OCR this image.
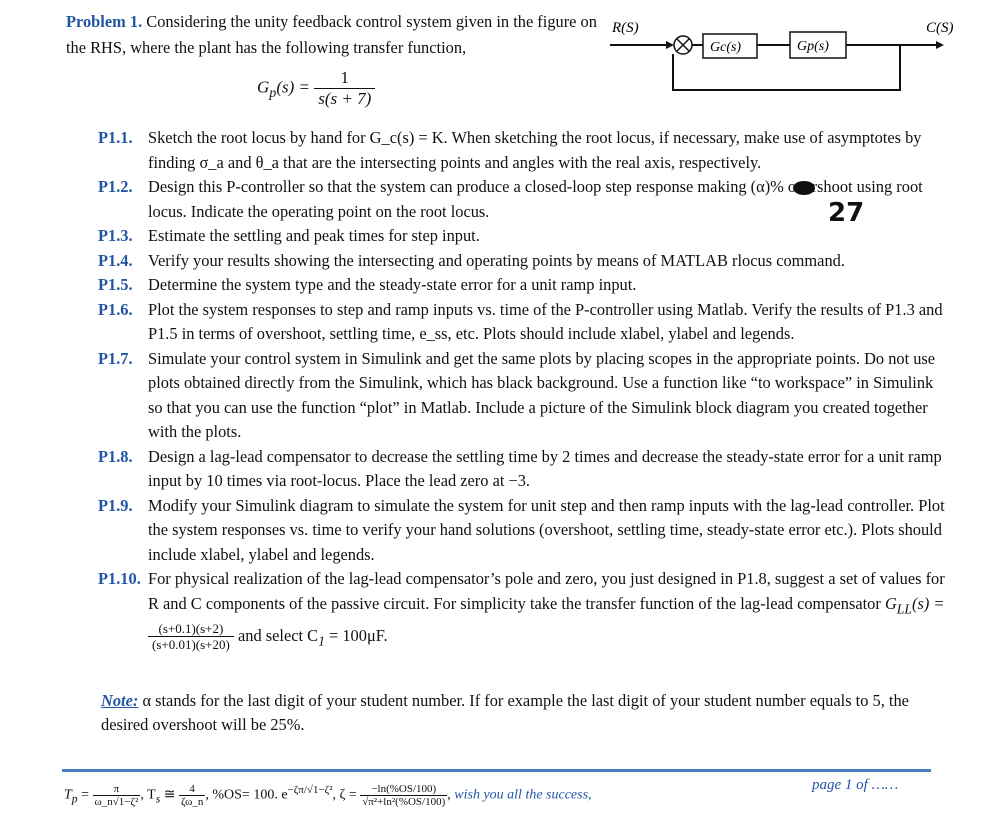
Problem 1. Considering the unity feedback control system given in the figure on the RHS, where the plant has the following transfer function,
$G_p(s) = \frac{1}{s(s + 7)}$
R(S)	C(S)
Gc(s)	Gp(s)
27
P1.1. Sketch the root locus by hand for G_c(s) = K. When sketching the root locus, if necessary, make use of asymptotes by finding σ_a and θ_a that are the intersecting points and angles with the real axis, respectively.
P1.2. Design this P-controller so that the system can produce a closed-loop step response making (α)% overshoot using root locus. Indicate the operating point on the root locus.
P1.3. Estimate the settling and peak times for step input.
P1.4. Verify your results showing the intersecting and operating points by means of MATLAB rlocus command.
P1.5. Determine the system type and the steady-state error for a unit ramp input.
P1.6. Plot the system responses to step and ramp inputs vs. time of the P-controller using Matlab. Verify the results of P1.3 and P1.5 in terms of overshoot, settling time, e_ss, etc. Plots should include xlabel, ylabel and legends.
P1.7. Simulate your control system in Simulink and get the same plots by placing scopes in the appropriate points. Do not use plots obtained directly from the Simulink, which has black background. Use a function like “to workspace” in Simulink so that you can use the function “plot” in Matlab. Include a picture of the Simulink block diagram you created together with the plots.
P1.8. Design a lag-lead compensator to decrease the settling time by 2 times and decrease the steady-state error for a unit ramp input by 10 times via root-locus. Place the lead zero at −3.
P1.9. Modify your Simulink diagram to simulate the system for unit step and then ramp inputs with the lag-lead controller. Plot the system responses vs. time to verify your hand solutions (overshoot, settling time, steady-state error etc.). Plots should include xlabel, ylabel and legends.
P1.10. For physical realization of the lag-lead compensator’s pole and zero, you just designed in P1.8, suggest a set of values for R and C components of the passive circuit. For simplicity take the transfer function of the lag-lead compensator $G_{LL}(s)$ =
$\frac{(s+0.1)(s+2)}{(s+0.01)(s+20)}$ and select $C_1 = 100\mu F$.
Note: α stands for the last digit of your student number. If for example the last digit of your student number equals to 5, the desired overshoot will be 25%.
$T_p = \frac{\pi}{\text{ω\_n√1−ζ²}}$ , $T_s$ ≅ $\frac{4}{\zeta\omega\_n}$ , %OS= 100. $e^{-\zeta\pi/√1-\zeta^2}$, $\zeta = \frac{-\ln(\%OS/100)}{\text{√π²+ln²(\%OS/100)}}$ , wish you all the success,
page 1 of ……
